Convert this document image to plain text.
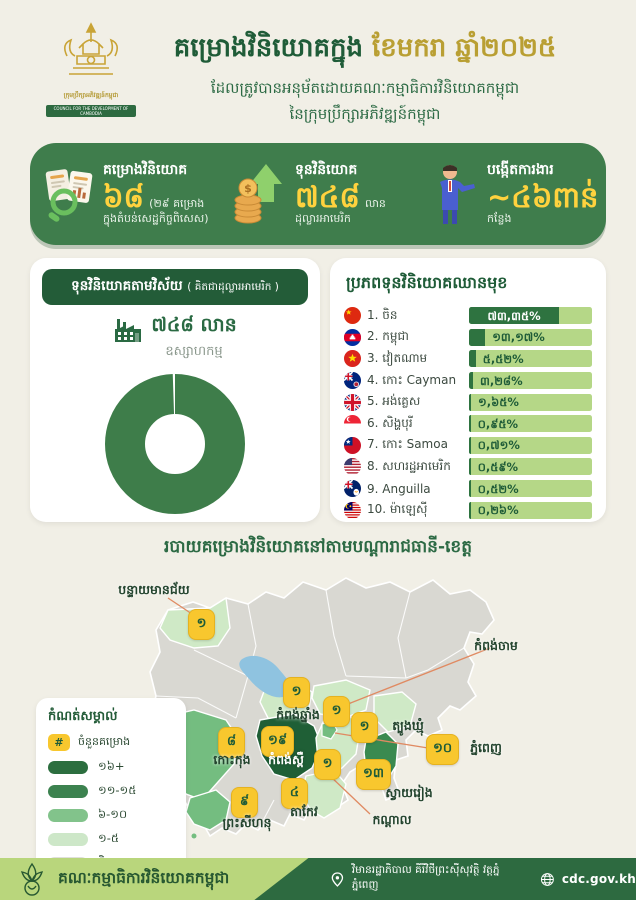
ក្រុមប្រឹក្សាអភិវឌ្ឍន៍កម្ពុជា
COUNCIL FOR THE DEVELOPMENT OF CAMBODIA
គម្រោងវិនិយោគក្នុង ខែមករា ឆ្នាំ២០២៥
ដែលត្រូវបានអនុម័តដោយគណៈកម្មាធិការវិនិយោគកម្ពុជា
នៃក្រុមប្រឹក្សាអភិវឌ្ឍន៍កម្ពុជា
គម្រោងវិនិយោគ
៦៨ (២៩ គម្រោង
ក្នុងតំបន់សេដ្ឋកិច្ចពិសេស)
$
ទុនវិនិយោគ
៧៤៨ លាន
ដុល្លារអាមេរិក
បង្កើតការងារ
~៤៦ពាន់
កន្លែង
ទុនវិនិយោគតាមវិស័យ ( គិតជាដុល្លារអាមេរិក )
៧៤៨ លាន
ឧស្សាហកម្ម
ប្រភពទុនវិនិយោគឈានមុខ
1. ចិន	៧៣,៣៥%
2. កម្ពុជា	១៣,១៧%
3. វៀតណាម	៥,៥២%
4. កោះ Cayman	៣,២៨%
5. អង់គ្លេស	១,៦៥%
6. សិង្ហបុរី	០,៩៥%
7. កោះ Samoa	០,៧១%
8. សហរដ្ឋអាមេរិក	០,៥៩%
9. Anguilla	០,៥២%
10. ម៉ាឡេស៊ី	០,២៦%
របាយគម្រោងវិនិយោគនៅតាមបណ្ដារាជធានី-ខេត្ត
១
១
១
១
៨	១៩
១០
១
៤
៩
១៣
បន្ទាយមានជ័យ
កំពង់ឆ្នាំង
កំពង់ចាម
ត្បូងឃ្មុំ
កោះកុង	កំពង់ស្ពឺ
ភ្នំពេញ
កណ្ដាល
តាកែវ
ព្រះសីហនុ
ស្វាយរៀង
កំណត់សម្គាល់
#	ចំនួនគម្រោង
១៦+
១១-១៥
៦-១០
១-៥
គណៈកម្មាធិការវិនិយោគកម្ពុជា	វិមានរដ្ឋាភិបាល គីរីវិថីព្រះស៊ីសុវត្ថិ វត្តភ្នំ ភ្នំពេញ	cdc.gov.kh
